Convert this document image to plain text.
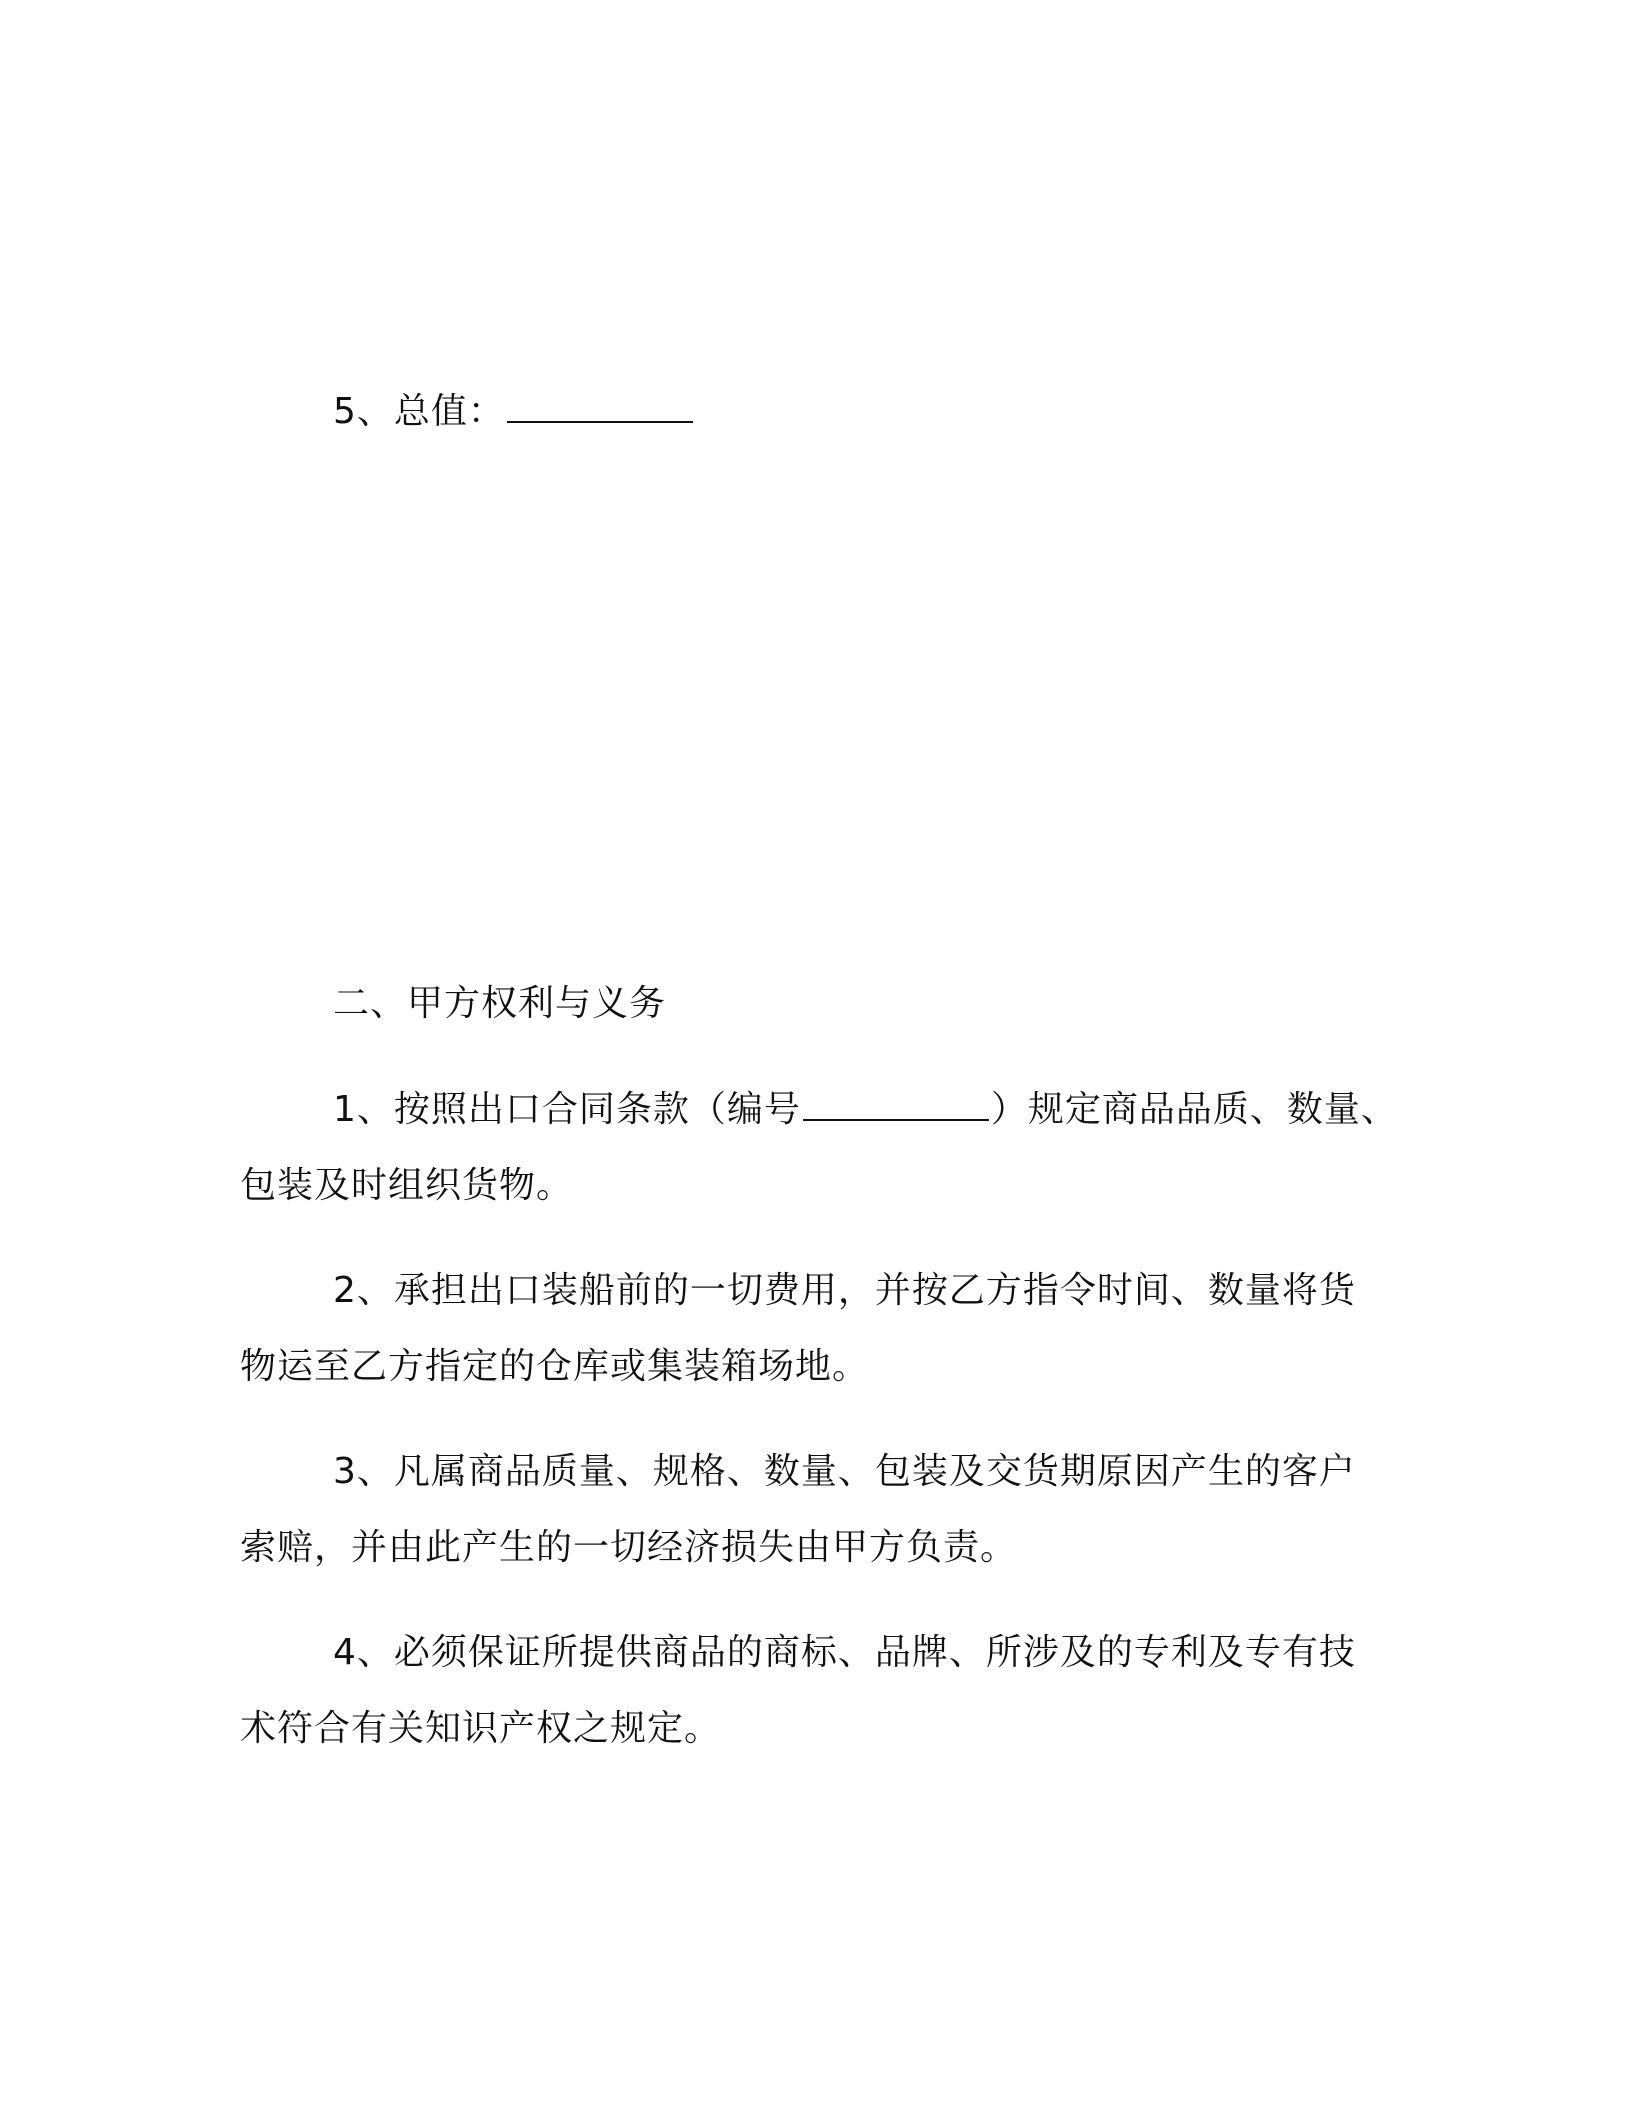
5、总值：
二、甲方权利与义务
1、按照出口合同条款（编号	）规定商品品质、数量、
包装及时组织货物。
2、承担出口装船前的一切费用，并按乙方指令时间、数量将货
物运至乙方指定的仓库或集装箱场地。
3、凡属商品质量、规格、数量、包装及交货期原因产生的客户
索赔，并由此产生的一切经济损失由甲方负责。
4、必须保证所提供商品的商标、品牌、所涉及的专利及专有技
术符合有关知识产权之规定。
